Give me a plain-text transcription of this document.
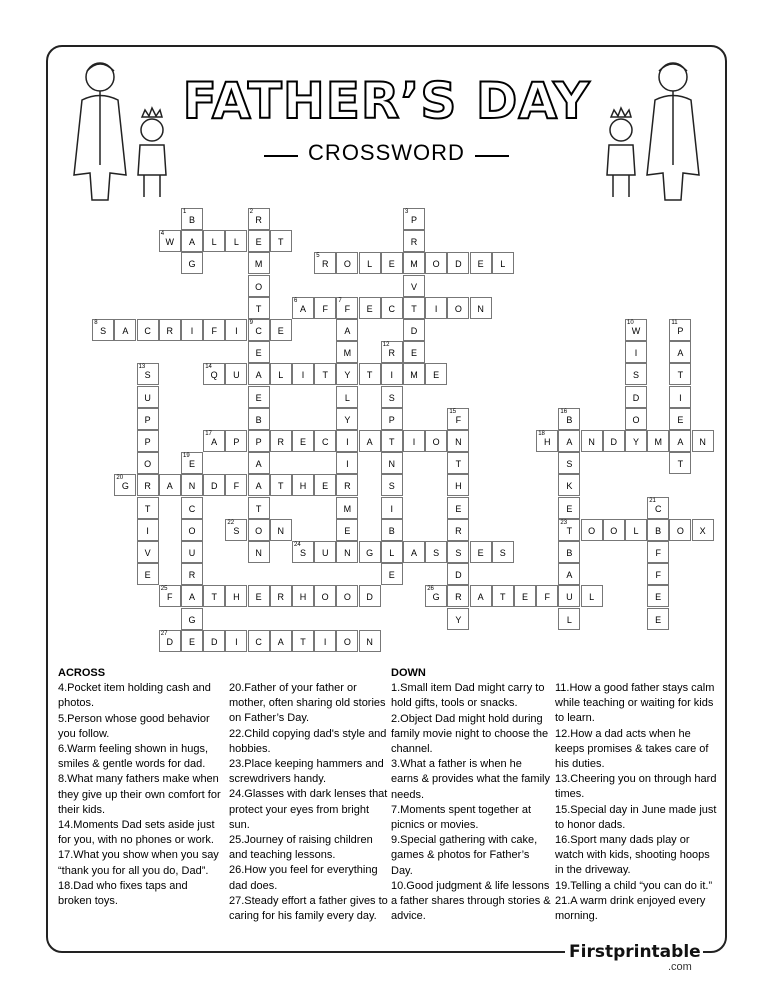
FATHER’S DAY
CROSSWORD
1
B
2
R
3
P
4
W	A	L	L	E	T	R
G	M
5
R	O	L	E	M	O	D	E	L
O	V
T
6
A	F
7
F	E	C	T	I	O	N
8
S	A	C	R	I	F	I
9
C	E	A	D
10
W
11
P
E	M
12
R	E	I	A
13
S
14
Q	U	A	L	I	T	Y	T	I	M	E	S	T
U	E	L	S	D	I
P	B	Y	P
15
F
16
B	O	E
P
17
A	P	P	R	E	C	I	A	T	I	O	N
18
H	A	N	D	Y	M	A	N
O
19
E	A	I	N	T	S	T
20
G	R	A	N	D	F	A	T	H	E	R	S	H	K
T	C	T	M	I	E	E
21
C
I	O
22
S	O	N	E	B	R
23
T	O	O	L	B	O	X
V	U	N
24
S	U	N	G	L	A	S	S	E	S	B	F
E	R	E	D	A	F
25
F	A	T	H	E	R	H	O	O	D
26
G	R	A	T	E	F	U	L	E
G	Y	L	E
27
D	E	D	I	C	A	T	I	O	N
ACROSS
4.Pocket item holding cash and photos.
5.Person whose good behavior you follow.
6.Warm feeling shown in hugs, smiles & gentle words for dad.
8.What many fathers make when they give up their own comfort for their kids.
14.Moments Dad sets aside just for you, with no phones or work.
17.What you show when you say “thank you for all you do, Dad”.
18.Dad who fixes taps and broken toys.
20.Father of your father or mother, often sharing old stories on Father’s Day.
22.Child copying dad's style and hobbies.
23.Place keeping hammers and screwdrivers handy.
24.Glasses with dark lenses that protect your eyes from bright sun.
25.Journey of raising children and teaching lessons.
26.How you feel for everything dad does.
27.Steady effort a father gives to caring for his family every day.
DOWN
1.Small item Dad might carry to hold gifts, tools or snacks.
2.Object Dad might hold during family movie night to choose the channel.
3.What a father is when he earns & provides what the family needs.
7.Moments spent together at picnics or movies.
9.Special gathering with cake, games & photos for Father’s Day.
10.Good judgment & life lessons a father shares through stories & advice.
11.How a good father stays calm while teaching or waiting for kids to learn.
12.How a dad acts when he keeps promises & takes care of his duties.
13.Cheering you on through hard times.
15.Special day in June made just to honor dads.
16.Sport many dads play or watch with kids, shooting hoops in the driveway.
19.Telling a child “you can do it.”
21.A warm drink enjoyed every morning.
Firstprintable
.com
